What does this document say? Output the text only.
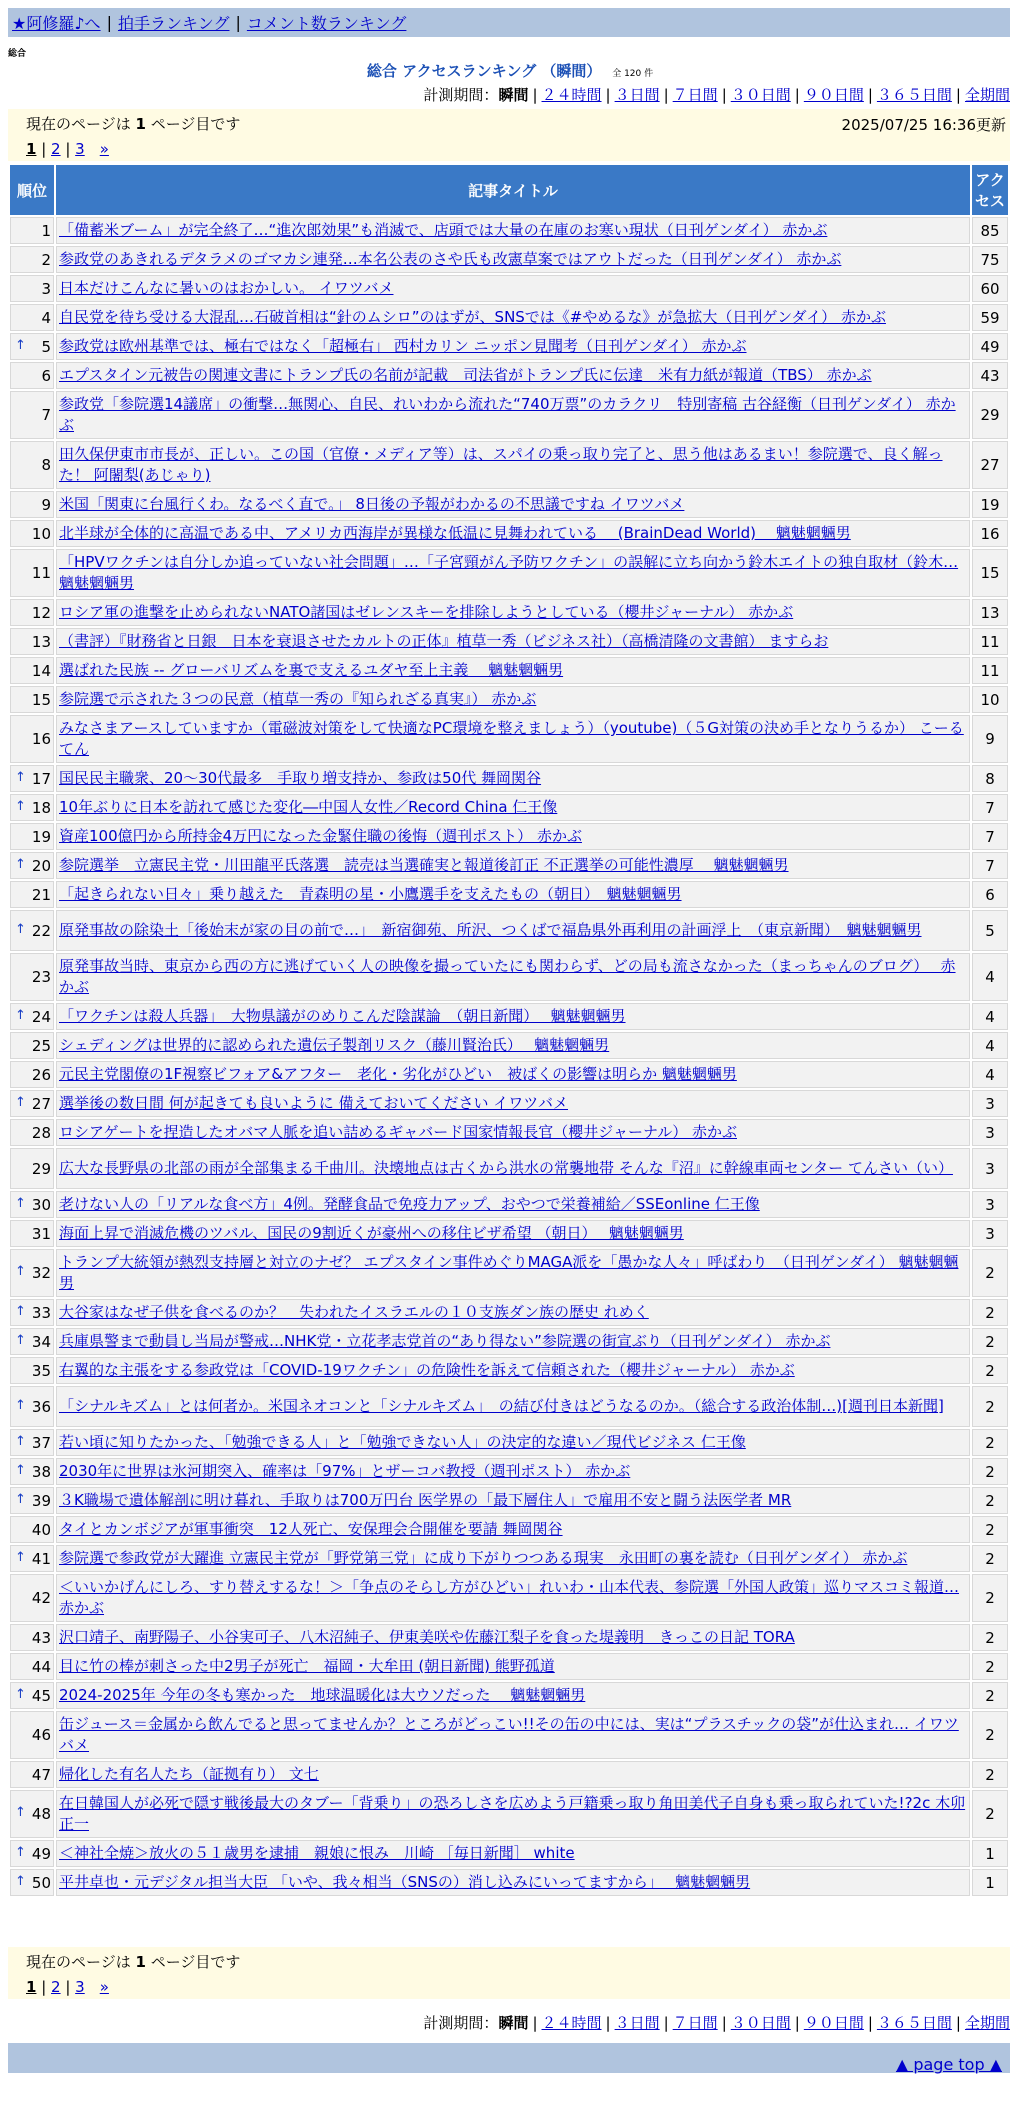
★阿修羅♪へ | 拍手ランキング | コメント数ランキング
総合
総合 アクセスランキング （瞬間） 全 120 件
計測期間：瞬間 | ２４時間 | ３日間 | ７日間 | ３０日間 | ９０日間 | ３６５日間 | 全期間
現在のページは 1 ページ目です	2025/07/25 16:36更新
1 | 2 | 3　 »
順位	記事タイトル	アクセス
1	「備蓄米ブーム」が完全終了…“進次郎効果”も消滅で、店頭では大量の在庫のお寒い現状（日刊ゲンダイ） 赤かぶ	85
2	参政党のあきれるデタラメのゴマカシ連発…本名公表のさや氏も改憲草案ではアウトだった（日刊ゲンダイ） 赤かぶ	75
3	日本だけこんなに暑いのはおかしい。 イワツバメ	60
4	自民党を待ち受ける大混乱…石破首相は“針のムシロ”のはずが、SNSでは《#やめるな》が急拡大（日刊ゲンダイ） 赤かぶ	59

↑ 5	参政党は欧州基準では、極右ではなく「超極右」 西村カリン ニッポン見聞考（日刊ゲンダイ） 赤かぶ	49
6	エプスタイン元被告の関連文書にトランプ氏の名前が記載　司法省がトランプ氏に伝達　米有力紙が報道（TBS） 赤かぶ	43
7	参政党「参院選14議席」の衝撃…無関心、自民、れいわから流れた“740万票”のカラクリ　特別寄稿 古谷経衡（日刊ゲンダイ） 赤かぶ	29
8	田久保伊東市市長が、正しい。この国（官僚・メディア等）は、スパイの乗っ取り完了と、思う他はあるまい！参院選で、良く解った！ 阿闍梨(あじゃり)	27
9	米国「関東に台風行くわ。なるべく直で。」 8日後の予報がわかるの不思議ですね イワツバメ	19
10	北半球が全体的に高温である中、アメリカ西海岸が異様な低温に見舞われている　 (BrainDead World)　 魑魅魍魎男	16
11	「HPVワクチンは自分しか追っていない社会問題」…「子宮頸がん予防ワクチン」の誤解に立ち向かう鈴木エイトの独自取材（鈴木… 魑魅魍魎男	15
12	ロシア軍の進撃を止められないNATO諸国はゼレンスキーを排除しようとしている（櫻井ジャーナル） 赤かぶ	13
13	（書評）『財務省と日銀　日本を衰退させたカルトの正体』植草一秀（ビジネス社）（高橋清隆の文書館） ますらお	11
14	選ばれた民族 -- グローバリズムを裏で支えるユダヤ至上主義　 魑魅魍魎男	11
15	参院選で示された３つの民意（植草一秀の『知られざる真実』） 赤かぶ	10
16	みなさまアースしていますか（電磁波対策をして快適なPC環境を整えましょう）（youtube)（５G対策の決め手となりうるか） こーるてん	9

↑ 17	国民民主職衆、20～30代最多　手取り増支持か、参政は50代 舞岡関谷	8

↑ 18	10年ぶりに日本を訪れて感じた変化―中国人女性／Record China 仁王像	7
19	資産100億円から所持金4万円になった金緊住職の後悔（週刊ポスト） 赤かぶ	7

↑ 20	参院選挙　立憲民主党・川田龍平氏落選　読売は当選確実と報道後訂正 不正選挙の可能性濃厚　 魑魅魍魎男	7
21	「起きられない日々」乗り越えた　青森明の星・小鷹選手を支えたもの（朝日）　魑魅魍魎男	6

↑ 22	原発事故の除染土「後始末が家の目の前で…」　新宿御苑、所沢、つくばで福島県外再利用の計画浮上　（東京新聞）　魑魅魍魎男	5
23	原発事故当時、東京から西の方に逃げていく人の映像を撮っていたにも関わらず、どの局も流さなかった（まっちゃんのブログ）　 赤かぶ	4

↑ 24	「ワクチンは殺人兵器」　大物県議がのめりこんだ陰謀論　（朝日新聞）　 魑魅魍魎男	4
25	シェディングは世界的に認められた遺伝子製剤リスク（藤川賢治氏）　 魑魅魍魎男	4
26	元民主党閣僚の1F視察ビフォア&アフター　老化・劣化がひどい　被ばくの影響は明らか 魑魅魍魎男	4

↑ 27	選挙後の数日間 何が起きても良いように 備えておいてください イワツバメ	3
28	ロシアゲートを捏造したオバマ人脈を追い詰めるギャバード国家情報長官（櫻井ジャーナル） 赤かぶ	3
29	広大な長野県の北部の雨が全部集まる千曲川。決壊地点は古くから洪水の常襲地帯 そんな『沼』に幹線車両センター てんさい（い）	3

↑ 30	老けない人の「リアルな食べ方」4例。発酵食品で免疫力アップ、おやつで栄養補給／SSEonline 仁王像	3
31	海面上昇で消滅危機のツバル、国民の9割近くが豪州への移住ビザ希望 （朝日）　 魑魅魍魎男	3

↑ 32	トランプ大統領が熱烈支持層と対立のナゼ？ エプスタイン事件めぐりMAGA派を「愚かな人々」呼ばわり　（日刊ゲンダイ） 魑魅魍魎男	2

↑ 33	大谷家はなぜ子供を食べるのか？　失われたイスラエルの１０支族ダン族の歴史 れめく	2

↑ 34	兵庫県警まで動員し当局が警戒…NHK党・立花孝志党首の“あり得ない”参院選の街宣ぶり（日刊ゲンダイ） 赤かぶ	2
35	右翼的な主張をする参政党は「COVID-19ワクチン」の危険性を訴えて信頼された（櫻井ジャーナル） 赤かぶ	2

↑ 36	「シナルキズム」とは何者か。米国ネオコンと「シナルキズム」　の結び付きはどうなるのか。（総合する政治体制…)[週刊日本新聞]	2

↑ 37	若い頃に知りたかった、「勉強できる人」と「勉強できない人」の決定的な違い／現代ビジネス 仁王像	2

↑ 38	2030年に世界は氷河期突入、確率は「97%」とザーコバ教授（週刊ポスト） 赤かぶ	2

↑ 39	３K職場で遺体解剖に明け暮れ、手取りは700万円台 医学界の「最下層住人」で雇用不安と闘う法医学者 MR	2
40	タイとカンボジアが軍事衝突　12人死亡、安保理会合開催を要請 舞岡関谷	2

↑ 41	参院選で参政党が大躍進 立憲民主党が「野党第三党」に成り下がりつつある現実　永田町の裏を読む（日刊ゲンダイ） 赤かぶ	2
42	＜いいかげんにしろ、すり替えするな！＞「争点のそらし方がひどい」れいわ・山本代表、参院選「外国人政策」巡りマスコミ報道… 赤かぶ	2
43	沢口靖子、南野陽子、小谷実可子、八木沼純子、伊東美咲や佐藤江梨子を食った堤義明　きっこの日記 TORA	2
44	目に竹の棒が刺さった中2男子が死亡　福岡・大牟田 (朝日新聞) 熊野孤道	2

↑ 45	2024-2025年 今年の冬も寒かった　地球温暖化は大ウソだった　 魑魅魍魎男	2
46	缶ジュース＝金属から飲んでると思ってませんか？ところがどっこい!!その缶の中には、実は“プラスチックの袋”が仕込まれ… イワツバメ	2
47	帰化した有名人たち（証拠有り） 文七	2

↑ 48	在日韓国人が必死で隠す戦後最大のタブー「背乗り」の恐ろしさを広めよう戸籍乗っ取り角田美代子自身も乗っ取られていた!?2c 木卯正一	2

↑ 49	＜神社全焼＞放火の５１歳男を逮捕　親娘に恨み　川崎 ［毎日新聞］ white	1

↑ 50	平井卓也・元デジタル担当大臣 「いや、我々相当（SNSの）消し込みにいってますから」　 魑魅魍魎男	1
現在のページは 1 ページ目です
1 | 2 | 3　 »
計測期間：瞬間 | ２４時間 | ３日間 | ７日間 | ３０日間 | ９０日間 | ３６５日間 | 全期間
▲ page top ▲
